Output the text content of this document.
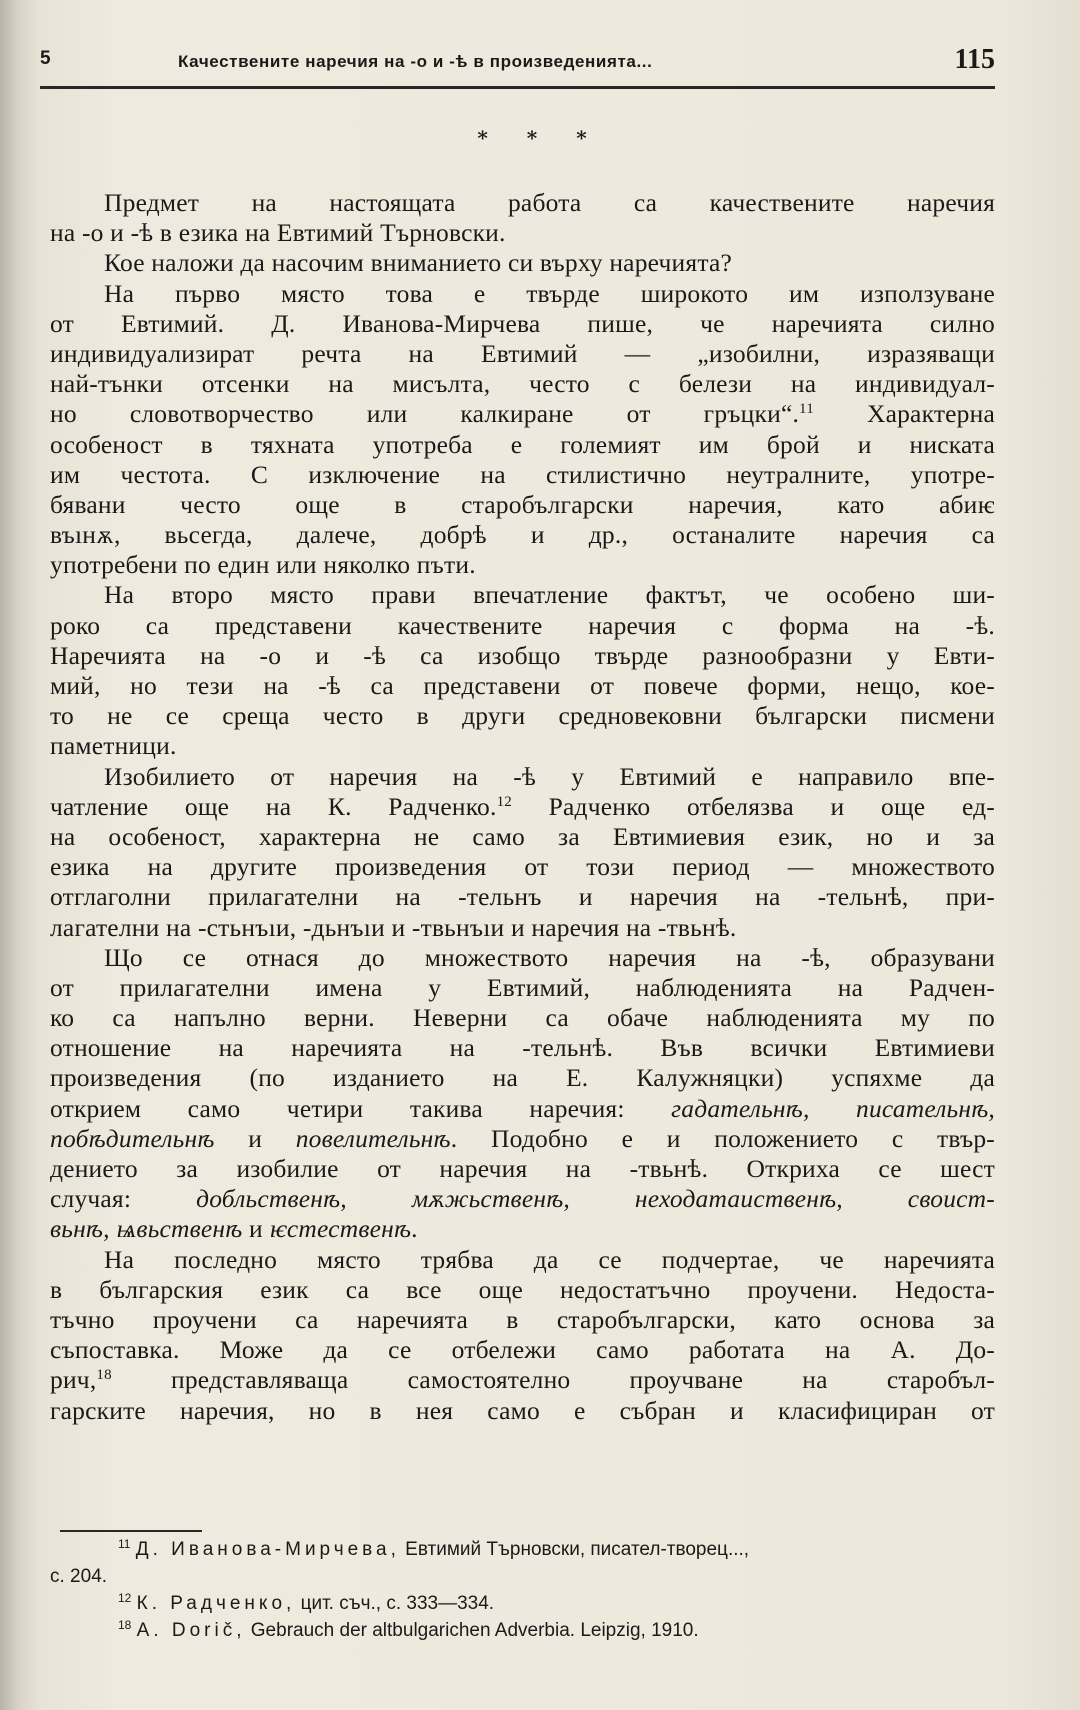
5	Качествените наречия на -о и -ѣ в произведенията...	115
* * *
Предмет на настоящата работа са качествените наречия
на -о и -ѣ в езика на Евтимий Търновски.
Кое наложи да насочим вниманието си върху наречията?
На първо място това е твърде широкото им използуване
от Евтимий. Д. Иванова-Мирчева пише, че наречията силно
индивидуализират речта на Евтимий — „изобилни, изразяващи
най-тънки отсенки на мисълта, често с белези на индивидуал-
но словотворчество или калкиране от гръцки“.$^{11}$ Характерна
особеност в тяхната употреба е големият им брой и ниската
им честота. С изключение на стилистично неутралните, употре-
бявани често още в старобългарски наречия, като абиѥ
въıнѫ, вьсегда, далече, добрѣ и др., останалите наречия са
употребени по един или няколко пъти.
На второ място прави впечатление фактът, че особено ши-
роко са представени качествените наречия с форма на -ѣ.
Наречията на -о и -ѣ са изобщо твърде разнообразни у Евти-
мий, но тези на -ѣ са представени от повече форми, нещо, кое-
то не се среща често в други средновековни български писмени
паметници.
Изобилието от наречия на -ѣ у Евтимий е направило впе-
чатление още на К. Радченко.$^{12}$ Радченко отбелязва и още ед-
на особеност, характерна не само за Евтимиевия език, но и за
езика на другите произведения от този период — множеството
отглаголни прилагателни на -тельнъ и наречия на -тельнѣ, при-
лагателни на -стьнъıи, -дьнъıи и -твьнъıи и наречия на -твьнѣ.
Що се отнася до множеството наречия на -ѣ, образувани
от прилагателни имена у Евтимий, наблюденията на Радчен-
ко са напълно верни. Неверни са обаче наблюденията му по
отношение на наречията на -тельнѣ. Във всички Евтимиеви
произведения (по изданието на Е. Калужняцки) успяхме да
открием само четири такива наречия: гадательнѣ, писательнѣ,
побѣдительнѣ и повелительнѣ. Подобно е и положението с твър-
дението за изобилие от наречия на -твьнѣ. Откриха се шест
случая: добльственѣ, мѫжьственѣ, неходатаиственѣ, своист-
вьнѣ, ѩвьственѣ и ѥстественѣ.
На последно място трябва да се подчертае, че наречията
в българския език са все още недостатъчно проучени. Недоста-
тъчно проучени са наречията в старобългарски, като основа за
съпоставка. Може да се отбележи само работата на А. До-
рич,$^{18}$ представляваща самостоятелно проучване на старобъл-
гарските наречия, но в нея само е събран и класифициран от
$^{11}$ Д. Иванова-Мирчева, Евтимий Търновски, писател-творец...,
с. 204.
$^{12}$ К. Радченко, цит. съч., с. 333—334.
$^{18}$ A. Dorič, Gebrauch der altbulgarichen Adverbia. Leipzig, 1910.
